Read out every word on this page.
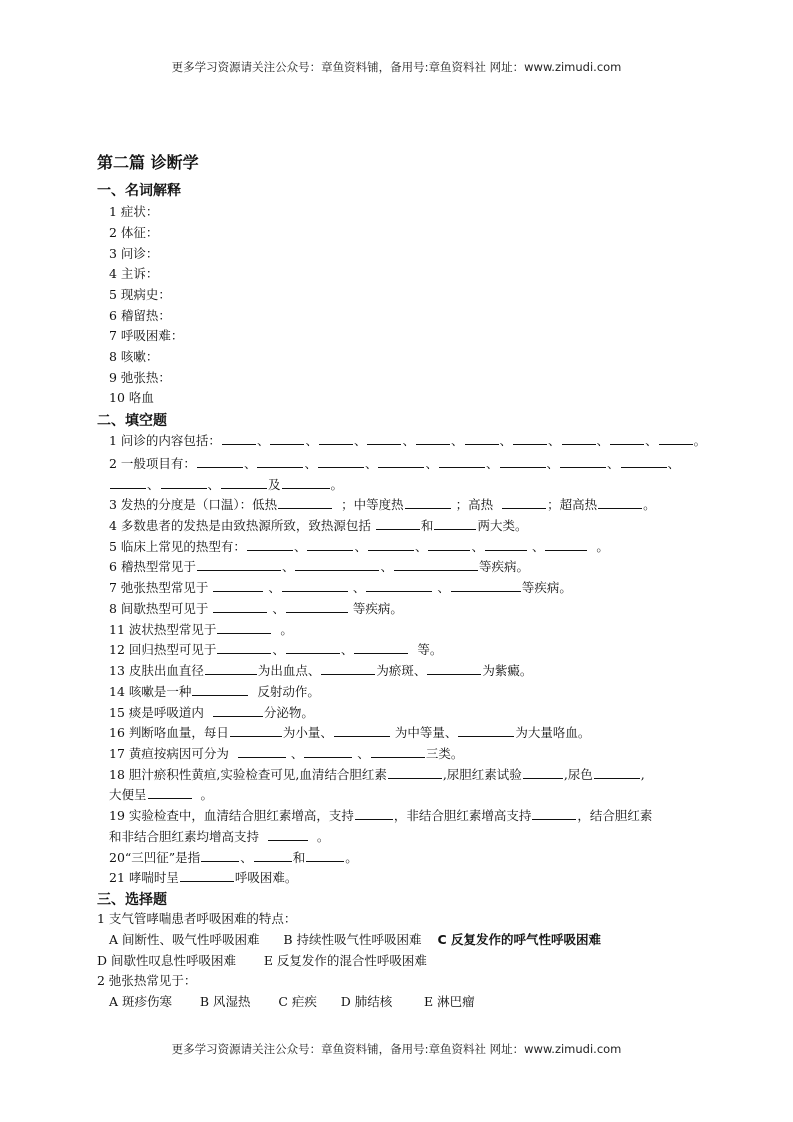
更多学习资源请关注公众号：章鱼资料铺，备用号:章鱼资料社 网址：www.zimudi.com
第二篇 诊断学
一、名词解释
1 症状：
2 体征：
3 问诊：
4 主诉：
5 现病史：
6 稽留热：
7 呼吸困难：
8 咳嗽：
9 弛张热：
10 咯血
二、填空题
1 问诊的内容包括：	、	、	、	、	、	、	、	、	、	。
2 一般项目有：	、	、	、	、	、	、	、	、
、	、	及	。
3 发热的分度是（口温）：低热	；中等度热	；高热	；超高热	。
4 多数患者的发热是由致热源所致，致热源包括	和	两大类。
5 临床上常见的热型有：	、	、	、	、	、	。
6 稽热型常见于	、	、	等疾病。
7 弛张热型常见于	、	、	、	等疾病。
8 间歇热型可见于	、	等疾病。
11 波状热型常见于	。
12 回归热型可见于	、	、	等。
13 皮肤出血直径	为出血点、	为瘀斑、	为紫癜。
14 咳嗽是一种	反射动作。
15 痰是呼吸道内	分泌物。
16 判断咯血量，每日	为小量、	为中等量、	为大量咯血。
17 黄疸按病因可分为	、	、	三类。
18 胆汁瘀积性黄疸,实验检查可见,血清结合胆红素	,尿胆红素试验	,尿色	,
大便呈	。
19 实验检查中，血清结合胆红素增高，支持	，非结合胆红素增高支持	，结合胆红素
和非结合胆红素均增高支持	。
20“三凹征”是指	、	和	。
21 哮喘时呈	呼吸困难。
三、选择题
1 支气管哮喘患者呼吸困难的特点：
A 间断性、吸气性呼吸困难 B 持续性吸气性呼吸困难 C 反复发作的呼气性呼吸困难
D 间歇性叹息性呼吸困难 E 反复发作的混合性呼吸困难
2 弛张热常见于：
A 斑疹伤寒 B 风湿热 C 疟疾 D 肺结核	E 淋巴瘤
更多学习资源请关注公众号：章鱼资料铺，备用号:章鱼资料社 网址：www.zimudi.com
